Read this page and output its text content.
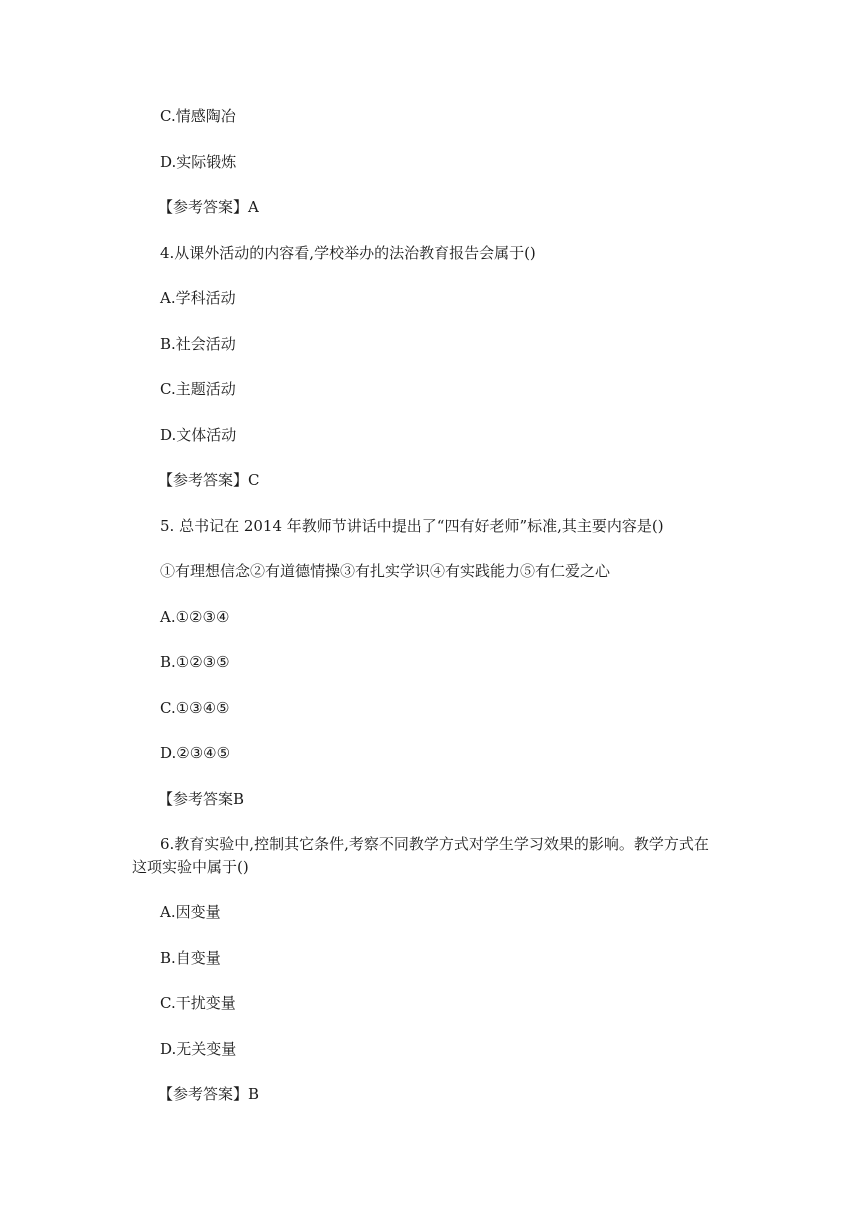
C.情感陶冶
D.实际锻炼
【参考答案】A
4.从课外活动的内容看,学校举办的法治教育报告会属于()
A.学科活动
B.社会活动
C.主题活动
D.文体活动
【参考答案】C
5. 总书记在 2014 年教师节讲话中提出了“四有好老师”标准,其主要内容是()
①有理想信念②有道德情操③有扎实学识④有实践能力⑤有仁爱之心
A.①②③④
B.①②③⑤
C.①③④⑤
D.②③④⑤
【参考答案B
6.教育实验中,控制其它条件,考察不同教学方式对学生学习效果的影响。教学方式在
这项实验中属于()
A.因变量
B.自变量
C.干扰变量
D.无关变量
【参考答案】B
